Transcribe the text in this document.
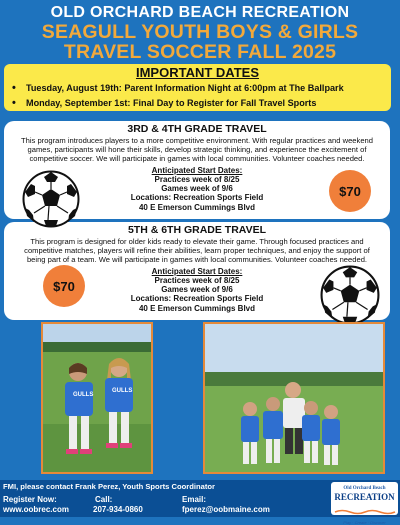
OLD ORCHARD BEACH RECREATION
SEAGULL YOUTH BOYS & GIRLS
TRAVEL SOCCER FALL 2025
IMPORTANT DATES
• Tuesday, August 19th: Parent Information Night at 6:00pm at The Ballpark
• Monday, September 1st: Final Day to Register for Fall Travel Sports
3RD & 4TH GRADE TRAVEL
This program introduces players to a more competitive environment. With regular practices and weekend games, participants will hone their skills, develop strategic thinking, and experience the excitement of competitive soccer. We will participate in games with local communities. Volunteer coaches needed.
Anticipated Start Dates:
Practices week of 8/25
Games week of 9/6
Locations: Recreation Sports Field
40 E Emerson Cummings Blvd
5TH & 6TH GRADE TRAVEL
This program is designed for older kids ready to elevate their game. Through focused practices and competitive matches, players will refine their abilities, learn proper techniques, and enjoy the support of being part of a team. We will participate in games with local communities. Volunteer coaches needed.
Anticipated Start Dates:
Practices week of 8/25
Games week of 9/6
Locations: Recreation Sports Field
40 E Emerson Cummings Blvd
$70
$70
GULLS
GULLS
FMI, please contact Frank Perez, Youth Sports Coordinator
Register Now:
www.oobrec.com
Call:
207-934-0860
Email:
fperez@oobmaine.com
Old Orchard Beach
RECREATION
Play · Create · Discover
